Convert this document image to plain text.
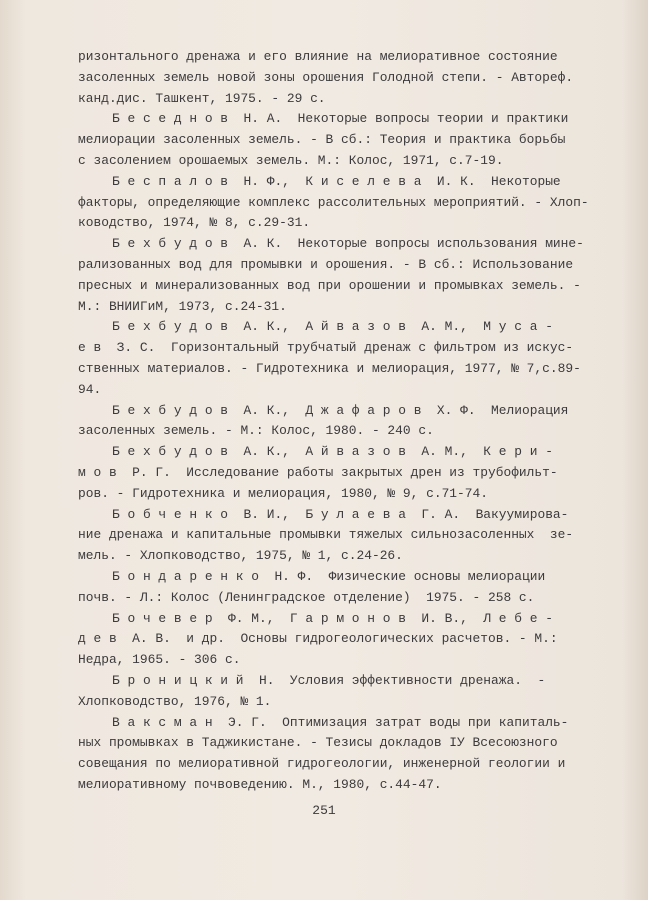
ризонтального дренажа и его влияние на мелиоративное состояние
засоленных земель новой зоны орошения Голодной степи. - Автореф.
канд.дис. Ташкент, 1975. - 29 с.
Б е с е д н о в  Н. А.  Некоторые вопросы теории и практики
мелиорации засоленных земель. - В сб.: Теория и практика борьбы
с засолением орошаемых земель. М.: Колос, 1971, с.7-19.
Б е с п а л о в  Н. Ф.,  К и с е л е в а  И. К.  Некоторые
факторы, определяющие комплекс рассолительных мероприятий. - Хлоп-
ководство, 1974, № 8, с.29-31.
Б е х б у д о в  А. К.  Некоторые вопросы использования мине-
рализованных вод для промывки и орошения. - В сб.: Использование
пресных и минерализованных вод при орошении и промывках земель. -
М.: ВНИИГиМ, 1973, с.24-31.
Б е х б у д о в  А. К.,  А й в а з о в  А. М.,  М у с а -
е в  З. С.  Горизонтальный трубчатый дренаж с фильтром из искус-
ственных материалов. - Гидротехника и мелиорация, 1977, № 7,с.89-
94.
Б е х б у д о в  А. К.,  Д ж а ф а р о в  Х. Ф.  Мелиорация
засоленных земель. - М.: Колос, 1980. - 240 с.
Б е х б у д о в  А. К.,  А й в а з о в  А. М.,  К е р и -
м о в  Р. Г.  Исследование работы закрытых дрен из трубофильт-
ров. - Гидротехника и мелиорация, 1980, № 9, с.71-74.
Б о б ч е н к о  В. И.,  Б у л а е в а  Г. А.  Вакуумирова-
ние дренажа и капитальные промывки тяжелых сильнозасоленных  зе-
мель. - Хлопководство, 1975, № 1, с.24-26.
Б о н д а р е н к о  Н. Ф.  Физические основы мелиорации
почв. - Л.: Колос (Ленинградское отделение)  1975. - 258 с.
Б о ч е в е р  Ф. М.,  Г а р м о н о в  И. В.,  Л е б е -
д е в  А. В.  и др.  Основы гидрогеологических расчетов. - М.:
Недра, 1965. - 306 с.
Б р о н и ц к и й  Н.  Условия эффективности дренажа.  -
Хлопководство, 1976, № 1.
В а к с м а н  Э. Г.  Оптимизация затрат воды при капиталь-
ных промывках в Таджикистане. - Тезисы докладов IУ Всесоюзного
совещания по мелиоративной гидрогеологии, инженерной геологии и
мелиоративному почвоведению. М., 1980, с.44-47.
251
